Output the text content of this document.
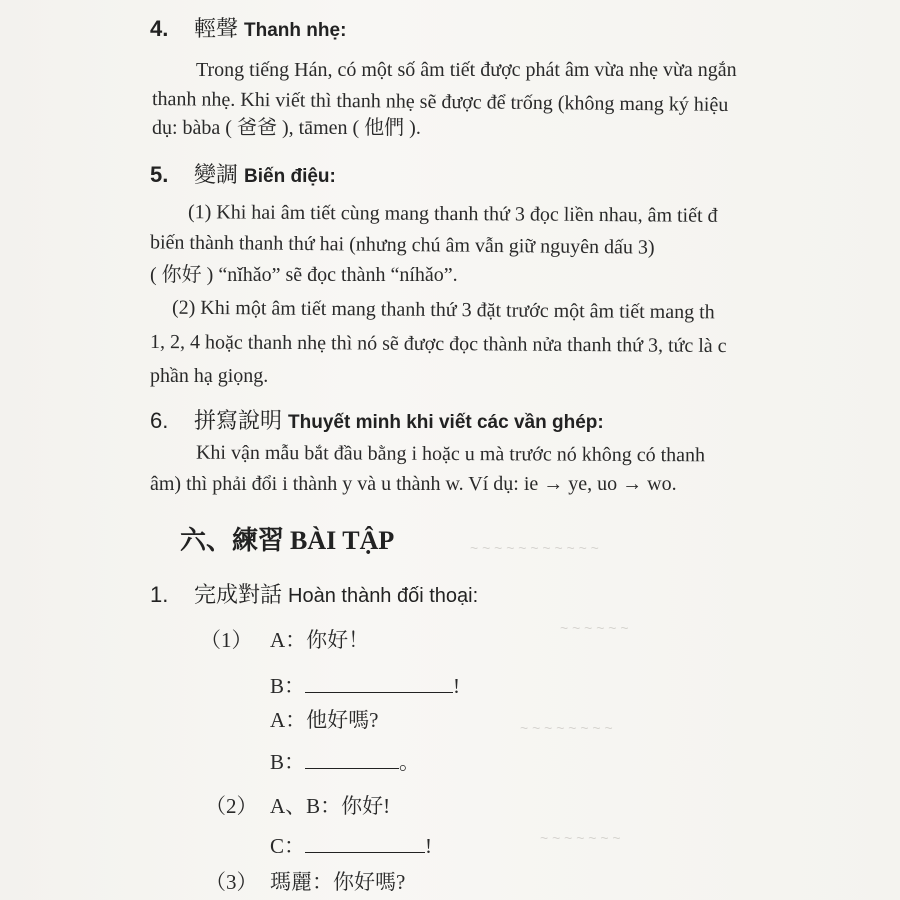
4. 輕聲 Thanh nhẹ:
Trong tiếng Hán, có một số âm tiết được phát âm vừa nhẹ vừa ngắn
thanh nhẹ. Khi viết thì thanh nhẹ sẽ được để trống (không mang ký hiệu
dụ: bàba ( 爸爸 ), tāmen ( 他們 ).
5. 變調 Biến điệu:
(1) Khi hai âm tiết cùng mang thanh thứ 3 đọc liền nhau, âm tiết đ
biến thành thanh thứ hai (nhưng chú âm vẫn giữ nguyên dấu 3)
( 你好 ) “nǐhǎo” sẽ đọc thành “níhǎo”.
(2) Khi một âm tiết mang thanh thứ 3 đặt trước một âm tiết mang th
1, 2, 4 hoặc thanh nhẹ thì nó sẽ được đọc thành nửa thanh thứ 3, tức là c
phần hạ giọng.
6. 拼寫說明 Thuyết minh khi viết các vần ghép:
Khi vận mẫu bắt đầu bằng i hoặc u mà trước nó không có thanh
âm) thì phải đổi i thành y và u thành w. Ví dụ: ie → ye, uo → wo.
~ ~ ~ ~ ~ ~ ~ ~ ~ ~ ~
~ ~ ~ ~ ~ ~
~ ~ ~ ~ ~ ~ ~ ~
~ ~ ~ ~ ~ ~ ~
六、練習 BÀI TẬP
1. 完成對話 Hoàn thành đối thoại:
（1） A：你好！
B：	!
A：他好嗎?
B：	。
（2） A、B：你好!
C：	!
（3） 瑪麗：你好嗎?
